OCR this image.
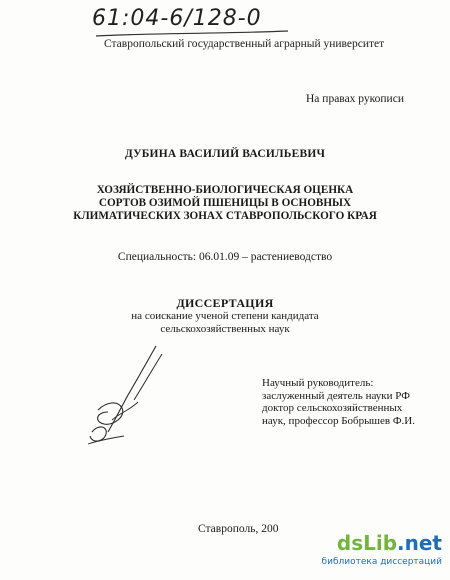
61:04-6/128-0
Ставропольский государственный аграрный университет
На правах рукописи
ДУБИНА ВАСИЛИЙ ВАСИЛЬЕВИЧ
ХОЗЯЙСТВЕННО-БИОЛОГИЧЕСКАЯ ОЦЕНКА
СОРТОВ ОЗИМОЙ ПШЕНИЦЫ В ОСНОВНЫХ
КЛИМАТИЧЕСКИХ ЗОНАХ СТАВРОПОЛЬСКОГО КРАЯ
Специальность: 06.01.09 – растениеводство
ДИССЕРТАЦИЯ
на соискание ученой степени кандидата
сельскохозяйственных наук
Научный руководитель:
заслуженный деятель науки РФ
доктор сельскохозяйственных
наук, профессор Бобрышев Ф.И.
Ставрополь, 200
dsLib.net
библиотека диссертаций
